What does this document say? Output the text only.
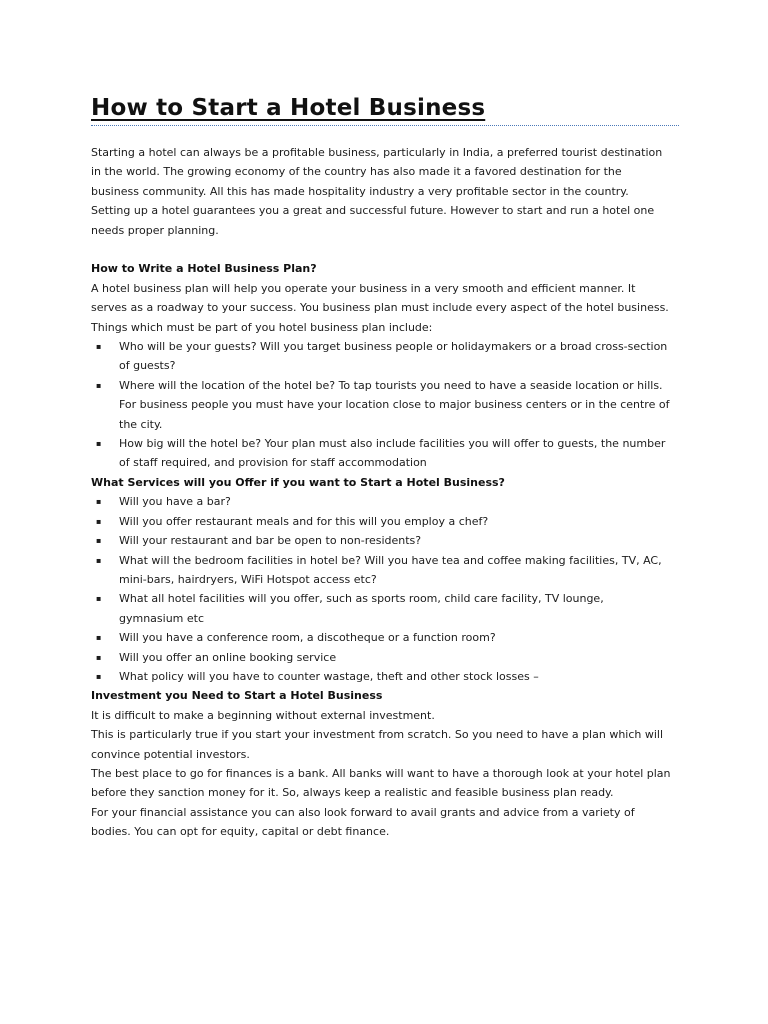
How to Start a Hotel Business

Starting a hotel can always be a profitable business, particularly in India, a preferred tourist destination in the world. The growing economy of the country has also made it a favored destination for the business community. All this has made hospitality industry a very profitable sector in the country. Setting up a hotel guarantees you a great and successful future. However to start and run a hotel one needs proper planning.

How to Write a Hotel Business Plan?

A hotel business plan will help you operate your business in a very smooth and efficient manner. It serves as a roadway to your success. You business plan must include every aspect of the hotel business. Things which must be part of you hotel business plan include:

▪ Who will be your guests? Will you target business people or holidaymakers or a broad cross-section of guests?
▪ Where will the location of the hotel be? To tap tourists you need to have a seaside location or hills.
For business people you must have your location close to major business centers or in the centre of the city.
▪ How big will the hotel be? Your plan must also include facilities you will offer to guests, the number of staff required, and provision for staff accommodation
What Services will you Offer if you want to Start a Hotel Business?
▪ Will you have a bar?
▪ Will you offer restaurant meals and for this will you employ a chef?
▪ Will your restaurant and bar be open to non-residents?
▪ What will the bedroom facilities in hotel be? Will you have tea and coffee making facilities, TV, AC, mini-bars, hairdryers, WiFi Hotspot access etc?
▪ What all hotel facilities will you offer, such as sports room, child care facility, TV lounge, gymnasium etc
▪ Will you have a conference room, a discotheque or a function room?
▪ Will you offer an online booking service
▪ What policy will you have to counter wastage, theft and other stock losses –
Investment you Need to Start a Hotel Business

It is difficult to make a beginning without external investment.

This is particularly true if you start your investment from scratch. So you need to have a plan which will convince potential investors.

The best place to go for finances is a bank. All banks will want to have a thorough look at your hotel plan before they sanction money for it. So, always keep a realistic and feasible business plan ready.

For your financial assistance you can also look forward to avail grants and advice from a variety of bodies. You can opt for equity, capital or debt finance.
